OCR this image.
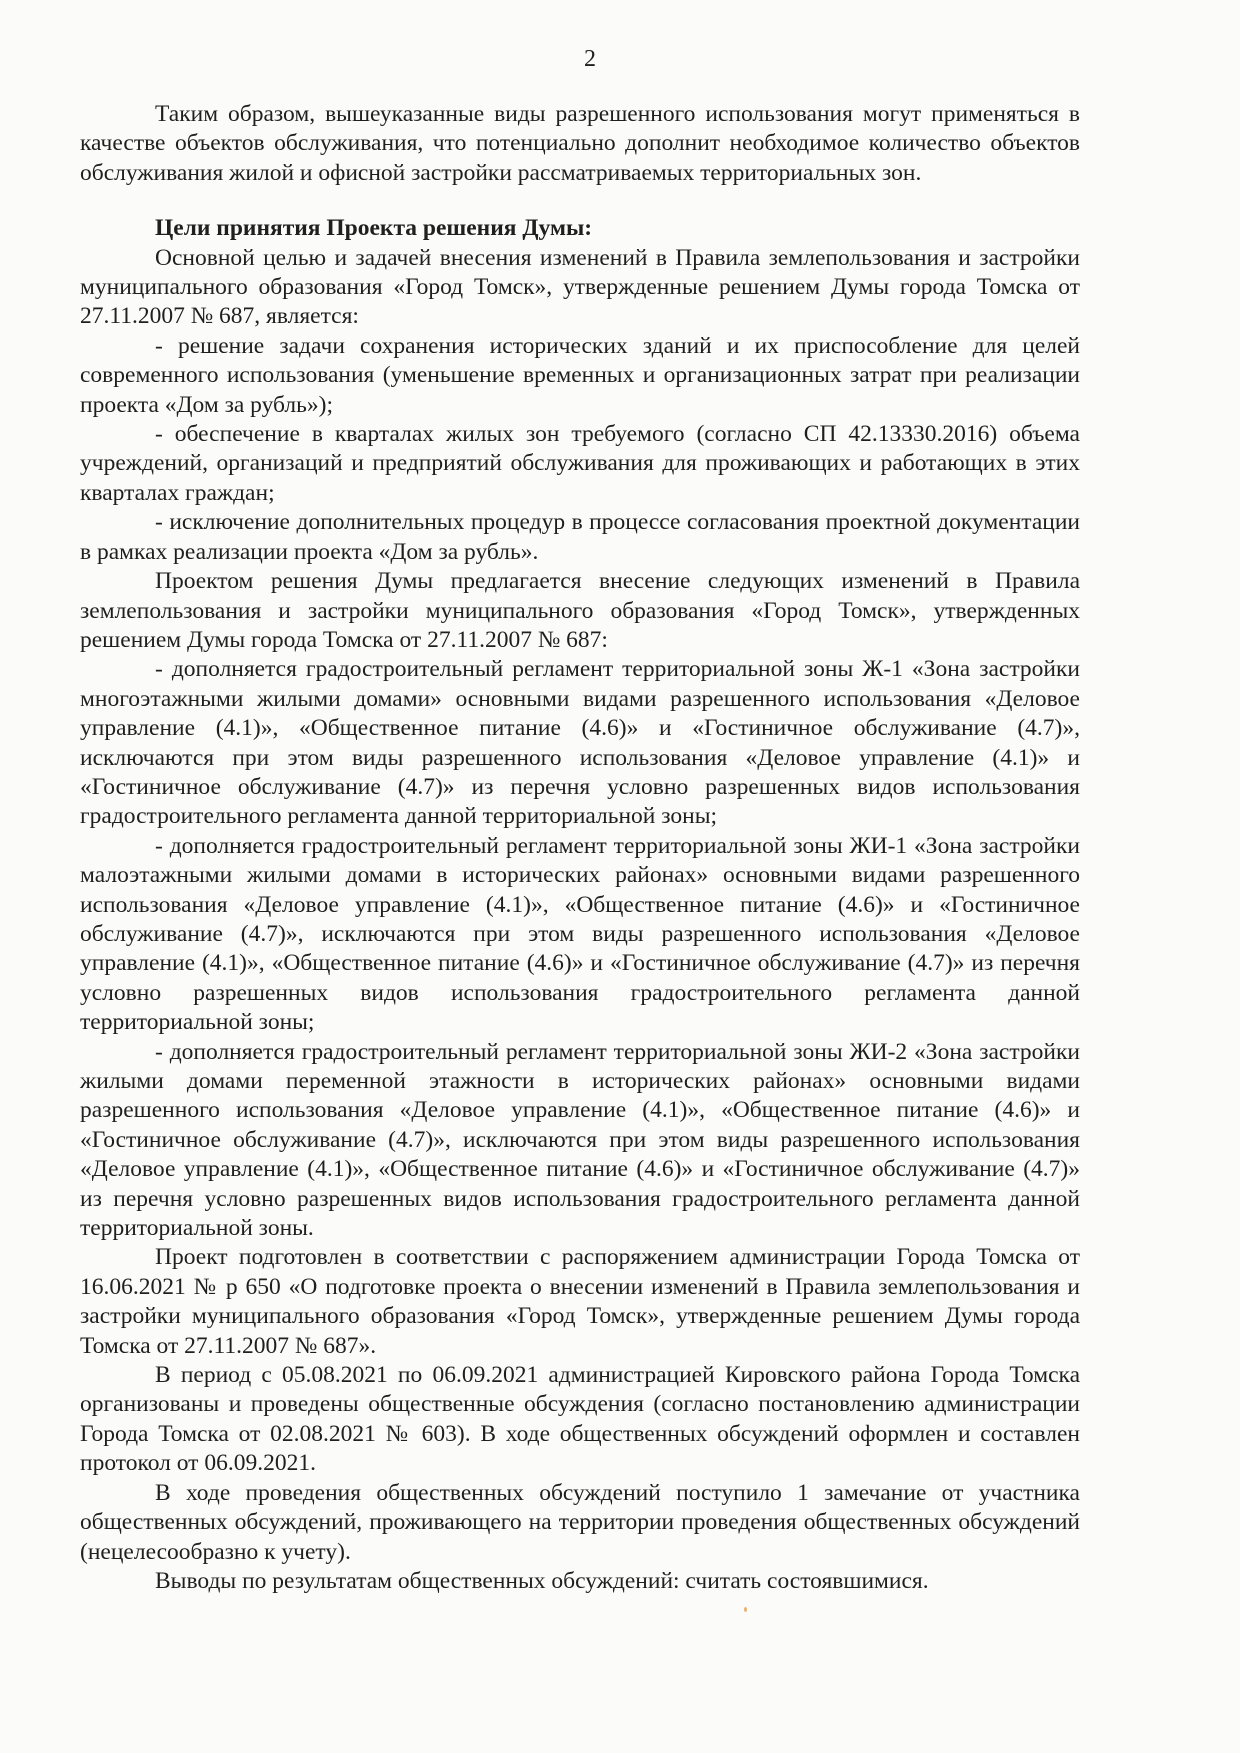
2

Таким образом, вышеуказанные виды разрешенного использования могут применяться в качестве объектов обслуживания, что потенциально дополнит необходимое количество объектов обслуживания жилой и офисной застройки рассматриваемых территориальных зон.

Цели принятия Проекта решения Думы:

Основной целью и задачей внесения изменений в Правила землепользования и застройки муниципального образования «Город Томск», утвержденные решением Думы города Томска от 27.11.2007 № 687, является:

- решение задачи сохранения исторических зданий и их приспособление для целей современного использования (уменьшение временных и организационных затрат при реализации проекта «Дом за рубль»);

- обеспечение в кварталах жилых зон требуемого (согласно СП 42.13330.2016) объема учреждений, организаций и предприятий обслуживания для проживающих и работающих в этих кварталах граждан;

- исключение дополнительных процедур в процессе согласования проектной документации в рамках реализации проекта «Дом за рубль».

Проектом решения Думы предлагается внесение следующих изменений в Правила землепользования и застройки муниципального образования «Город Томск», утвержденных решением Думы города Томска от 27.11.2007 № 687:

- дополняется градостроительный регламент территориальной зоны Ж-1 «Зона застройки многоэтажными жилыми домами» основными видами разрешенного использования «Деловое управление (4.1)», «Общественное питание (4.6)» и «Гостиничное обслуживание (4.7)», исключаются при этом виды разрешенного использования «Деловое управление (4.1)» и «Гостиничное обслуживание (4.7)» из перечня условно разрешенных видов использования градостроительного регламента данной территориальной зоны;

- дополняется градостроительный регламент территориальной зоны ЖИ-1 «Зона застройки малоэтажными жилыми домами в исторических районах» основными видами разрешенного использования «Деловое управление (4.1)», «Общественное питание (4.6)» и «Гостиничное обслуживание (4.7)», исключаются при этом виды разрешенного использования «Деловое управление (4.1)», «Общественное питание (4.6)» и «Гостиничное обслуживание (4.7)» из перечня условно разрешенных видов использования градостроительного регламента данной территориальной зоны;

- дополняется градостроительный регламент территориальной зоны ЖИ-2 «Зона застройки жилыми домами переменной этажности в исторических районах» основными видами разрешенного использования «Деловое управление (4.1)», «Общественное питание (4.6)» и «Гостиничное обслуживание (4.7)», исключаются при этом виды разрешенного использования «Деловое управление (4.1)», «Общественное питание (4.6)» и «Гостиничное обслуживание (4.7)» из перечня условно разрешенных видов использования градостроительного регламента данной территориальной зоны.

Проект подготовлен в соответствии с распоряжением администрации Города Томска от 16.06.2021 № р 650 «О подготовке проекта о внесении изменений в Правила землепользования и застройки муниципального образования «Город Томск», утвержденные решением Думы города Томска от 27.11.2007 № 687».

В период с 05.08.2021 по 06.09.2021 администрацией Кировского района Города Томска организованы и проведены общественные обсуждения (согласно постановлению администрации Города Томска от 02.08.2021 № 603). В ходе общественных обсуждений оформлен и составлен протокол от 06.09.2021.

В ходе проведения общественных обсуждений поступило 1 замечание от участника общественных обсуждений, проживающего на территории проведения общественных обсуждений (нецелесообразно к учету).

Выводы по результатам общественных обсуждений: считать состоявшимися.
